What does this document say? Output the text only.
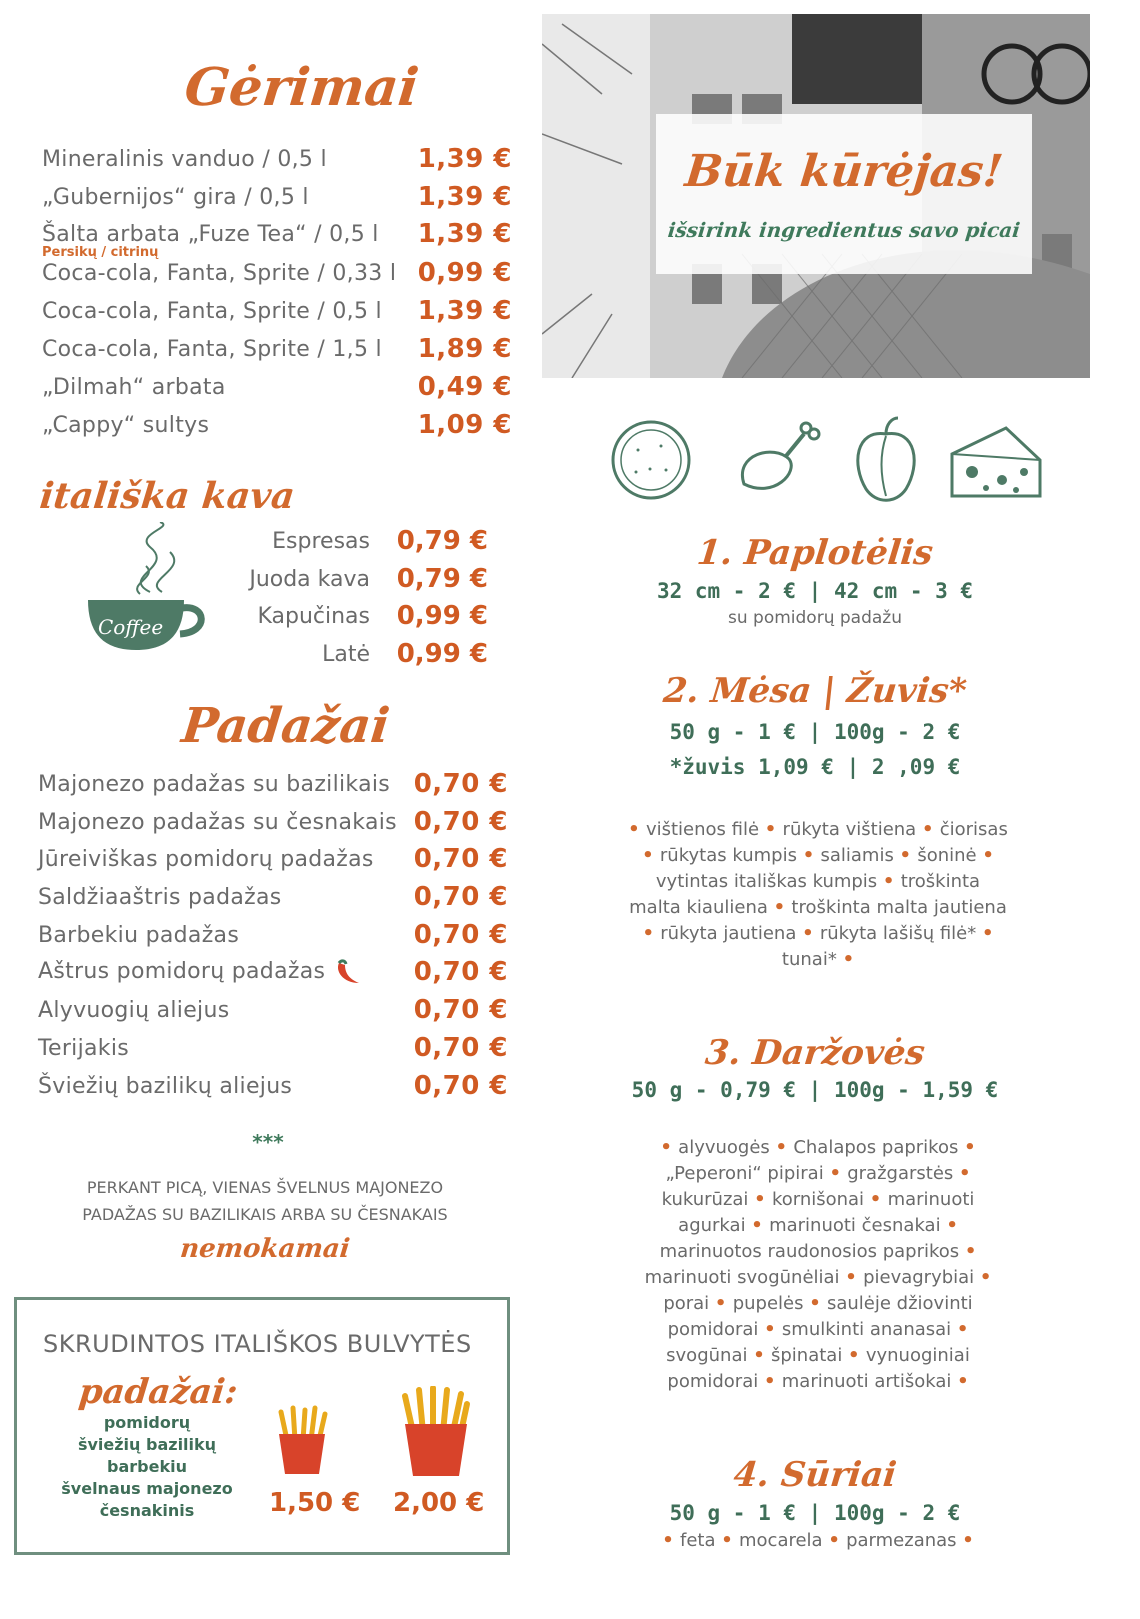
Gėrimai
Mineralinis vanduo / 0,5 l	1,39 €
„Gubernijos“ gira / 0,5 l	1,39 €
Šalta arbata „Fuze Tea“ / 0,5 l 1,39 €
Coca-cola, Fanta, Sprite / 0,33 l 0,99 €
Coca-cola, Fanta, Sprite / 0,5 l 1,39 €
Coca-cola, Fanta, Sprite / 1,5 l 1,89 €
„Dilmah“ arbata	0,49 €
„Cappy“ sultys	1,09 €
Persikų / citrinų
itališka kava
Coffee
Espresas 0,79 €
Juoda kava 0,79 €
Kapučinas 0,99 €
Latė 0,99 €
Padažai
Majonezo padažas su bazilikais 0,70 €
Majonezo padažas su česnakais 0,70 €
Jūreiviškas pomidorų padažas 0,70 €
Saldžiaaštris padažas	0,70 €
Barbekiu padažas	0,70 €
Aštrus pomidorų padažas	0,70 €
Alyvuogių aliejus	0,70 €
Terijakis	0,70 €
Šviežių bazilikų aliejus	0,70 €
***
PERKANT PICĄ, VIENAS ŠVELNUS MAJONEZO
PADAŽAS SU BAZILIKAIS ARBA SU ČESNAKAIS
nemokamai
SKRUDINTOS ITALIŠKOS BULVYTĖS
padažai:
pomidorų
šviežių bazilikų
barbekiu
švelnaus majonezo
česnakinis	1,50 € 2,00 €
Būk kūrėjas!
išsirink ingredientus savo picai
1. Paplotėlis
32 cm - 2 € | 42 cm - 3 €
su pomidorų padažu
2. Mėsa | Žuvis*
50 g - 1 € | 100g - 2 €
*žuvis 1,09 € | 2 ,09 €
• vištienos filė • rūkyta vištiena • čiorisas • rūkytas kumpis • saliamis • šoninė • vytintas itališkas kumpis • troškinta malta kiauliena • troškinta malta jautiena • rūkyta jautiena • rūkyta lašišų filė* • tunai* •
3. Daržovės
50 g - 0,79 € | 100g - 1,59 €
• alyvuogės • Chalapos paprikos • „Peperoni“ pipirai • gražgarstės • kukurūzai • kornišonai • marinuoti agurkai • marinuoti česnakai • marinuotos raudonosios paprikos • marinuoti svogūnėliai • pievagrybiai • porai • pupelės • saulėje džiovinti pomidorai • smulkinti ananasai • svogūnai • špinatai • vynuoginiai pomidorai • marinuoti artišokai •
4. Sūriai
50 g - 1 € | 100g - 2 €
• feta • mocarela • parmezanas •
